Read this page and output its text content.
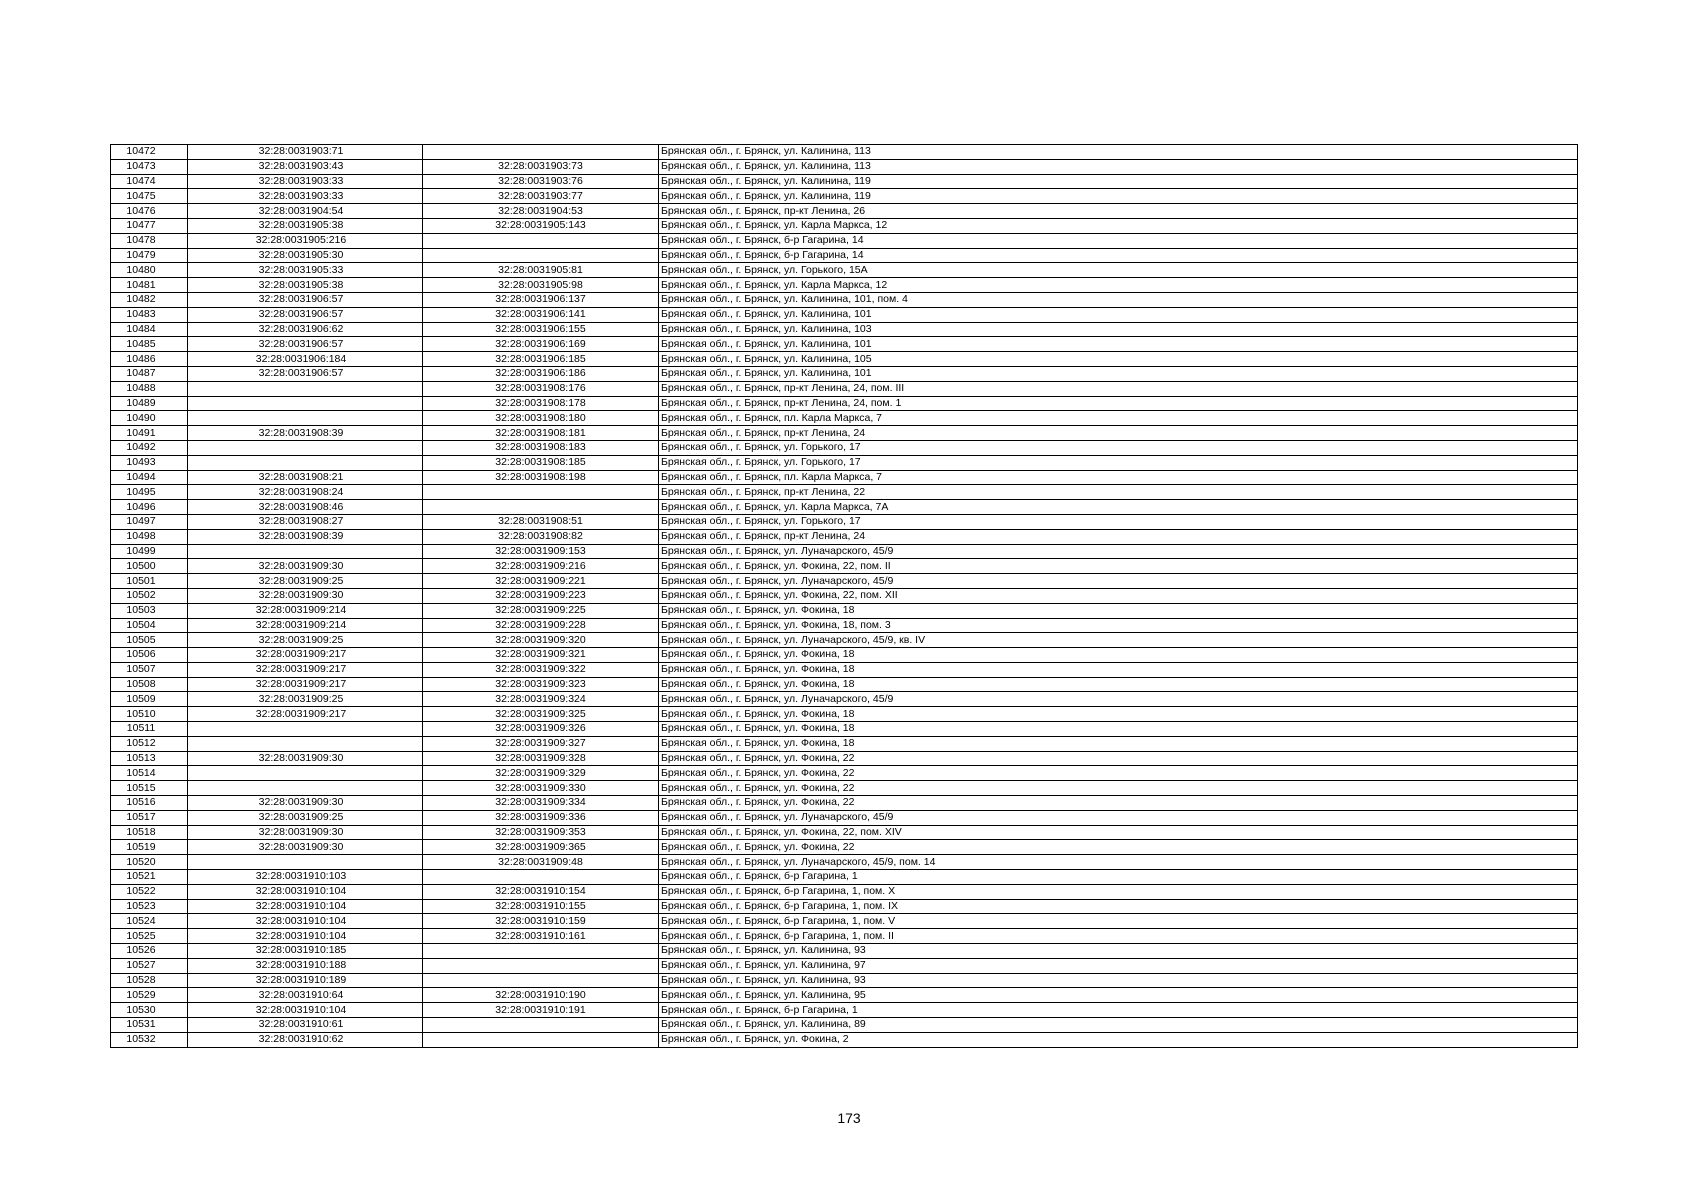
10472	32:28:0031903:71		Брянская обл., г. Брянск, ул. Калинина, 113
10473	32:28:0031903:43	32:28:0031903:73	Брянская обл., г. Брянск, ул. Калинина, 113
10474	32:28:0031903:33	32:28:0031903:76	Брянская обл., г. Брянск, ул. Калинина, 119
10475	32:28:0031903:33	32:28:0031903:77	Брянская обл., г. Брянск, ул. Калинина, 119
10476	32:28:0031904:54	32:28:0031904:53	Брянская обл., г. Брянск, пр-кт Ленина, 26
10477	32:28:0031905:38	32:28:0031905:143	Брянская обл., г. Брянск, ул. Карла Маркса, 12
10478	32:28:0031905:216		Брянская обл., г. Брянск, б-р Гагарина, 14
10479	32:28:0031905:30		Брянская обл., г. Брянск, б-р Гагарина, 14
10480	32:28:0031905:33	32:28:0031905:81	Брянская обл., г. Брянск, ул. Горького, 15А
10481	32:28:0031905:38	32:28:0031905:98	Брянская обл., г. Брянск, ул. Карла Маркса, 12
10482	32:28:0031906:57	32:28:0031906:137	Брянская обл., г. Брянск, ул. Калинина, 101, пом. 4
10483	32:28:0031906:57	32:28:0031906:141	Брянская обл., г. Брянск, ул. Калинина, 101
10484	32:28:0031906:62	32:28:0031906:155	Брянская обл., г. Брянск, ул. Калинина, 103
10485	32:28:0031906:57	32:28:0031906:169	Брянская обл., г. Брянск, ул. Калинина, 101
10486	32:28:0031906:184	32:28:0031906:185	Брянская обл., г. Брянск, ул. Калинина, 105
10487	32:28:0031906:57	32:28:0031906:186	Брянская обл., г. Брянск, ул. Калинина, 101
10488		32:28:0031908:176	Брянская обл., г. Брянск, пр-кт Ленина, 24, пом. III
10489		32:28:0031908:178	Брянская обл., г. Брянск, пр-кт Ленина, 24, пом. 1
10490		32:28:0031908:180	Брянская обл., г. Брянск, пл. Карла Маркса, 7
10491	32:28:0031908:39	32:28:0031908:181	Брянская обл., г. Брянск, пр-кт Ленина, 24
10492		32:28:0031908:183	Брянская обл., г. Брянск, ул. Горького, 17
10493		32:28:0031908:185	Брянская обл., г. Брянск, ул. Горького, 17
10494	32:28:0031908:21	32:28:0031908:198	Брянская обл., г. Брянск, пл. Карла Маркса, 7
10495	32:28:0031908:24		Брянская обл., г. Брянск, пр-кт Ленина, 22
10496	32:28:0031908:46		Брянская обл., г. Брянск, ул. Карла Маркса, 7А
10497	32:28:0031908:27	32:28:0031908:51	Брянская обл., г. Брянск, ул. Горького, 17
10498	32:28:0031908:39	32:28:0031908:82	Брянская обл., г. Брянск, пр-кт Ленина, 24
10499		32:28:0031909:153	Брянская обл., г. Брянск, ул. Луначарского, 45/9
10500	32:28:0031909:30	32:28:0031909:216	Брянская обл., г. Брянск, ул. Фокина, 22, пом. II
10501	32:28:0031909:25	32:28:0031909:221	Брянская обл., г. Брянск, ул. Луначарского, 45/9
10502	32:28:0031909:30	32:28:0031909:223	Брянская обл., г. Брянск, ул. Фокина, 22, пом. XII
10503	32:28:0031909:214	32:28:0031909:225	Брянская обл., г. Брянск, ул. Фокина, 18
10504	32:28:0031909:214	32:28:0031909:228	Брянская обл., г. Брянск, ул. Фокина, 18, пом. 3
10505	32:28:0031909:25	32:28:0031909:320	Брянская обл., г. Брянск, ул. Луначарского, 45/9, кв. IV
10506	32:28:0031909:217	32:28:0031909:321	Брянская обл., г. Брянск, ул. Фокина, 18
10507	32:28:0031909:217	32:28:0031909:322	Брянская обл., г. Брянск, ул. Фокина, 18
10508	32:28:0031909:217	32:28:0031909:323	Брянская обл., г. Брянск, ул. Фокина, 18
10509	32:28:0031909:25	32:28:0031909:324	Брянская обл., г. Брянск, ул. Луначарского, 45/9
10510	32:28:0031909:217	32:28:0031909:325	Брянская обл., г. Брянск, ул. Фокина, 18
10511		32:28:0031909:326	Брянская обл., г. Брянск, ул. Фокина, 18
10512		32:28:0031909:327	Брянская обл., г. Брянск, ул. Фокина, 18
10513	32:28:0031909:30	32:28:0031909:328	Брянская обл., г. Брянск, ул. Фокина, 22
10514		32:28:0031909:329	Брянская обл., г. Брянск, ул. Фокина, 22
10515		32:28:0031909:330	Брянская обл., г. Брянск, ул. Фокина, 22
10516	32:28:0031909:30	32:28:0031909:334	Брянская обл., г. Брянск, ул. Фокина, 22
10517	32:28:0031909:25	32:28:0031909:336	Брянская обл., г. Брянск, ул. Луначарского, 45/9
10518	32:28:0031909:30	32:28:0031909:353	Брянская обл., г. Брянск, ул. Фокина, 22, пом. XIV
10519	32:28:0031909:30	32:28:0031909:365	Брянская обл., г. Брянск, ул. Фокина, 22
10520		32:28:0031909:48	Брянская обл., г. Брянск, ул. Луначарского, 45/9, пом. 14
10521	32:28:0031910:103		Брянская обл., г. Брянск, б-р Гагарина, 1
10522	32:28:0031910:104	32:28:0031910:154	Брянская обл., г. Брянск, б-р Гагарина, 1, пом. X
10523	32:28:0031910:104	32:28:0031910:155	Брянская обл., г. Брянск, б-р Гагарина, 1, пом. IX
10524	32:28:0031910:104	32:28:0031910:159	Брянская обл., г. Брянск, б-р Гагарина, 1, пом. V
10525	32:28:0031910:104	32:28:0031910:161	Брянская обл., г. Брянск, б-р Гагарина, 1, пом. II
10526	32:28:0031910:185		Брянская обл., г. Брянск, ул. Калинина, 93
10527	32:28:0031910:188		Брянская обл., г. Брянск, ул. Калинина, 97
10528	32:28:0031910:189		Брянская обл., г. Брянск, ул. Калинина, 93
10529	32:28:0031910:64	32:28:0031910:190	Брянская обл., г. Брянск, ул. Калинина, 95
10530	32:28:0031910:104	32:28:0031910:191	Брянская обл., г. Брянск, б-р Гагарина, 1
10531	32:28:0031910:61		Брянская обл., г. Брянск, ул. Калинина, 89
10532	32:28:0031910:62		Брянская обл., г. Брянск, ул. Фокина, 2
173
